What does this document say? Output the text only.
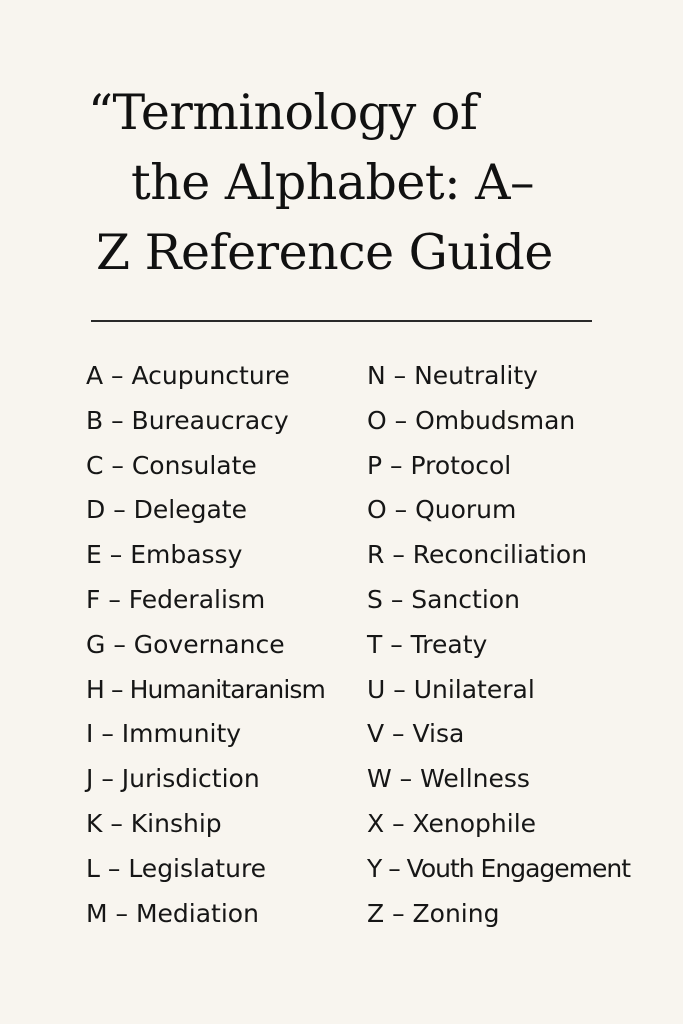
“Terminology of
the Alphabet: A–
Z Reference Guide
A – Acupuncture
B – Bureaucracy
C – Consulate
D – Delegate
E – Embassy
F – Federalism
G – Governance
H – Humanitaranism
I – Immunity
J – Jurisdiction
K – Kinship
L – Legislature
M – Mediation
N – Neutrality
O – Ombudsman
P – Protocol
O – Quorum
R – Reconciliation
S – Sanction
T – Treaty
U – Unilateral
V – Visa
W – Wellness
X – Xenophile
Y – Vouth Engagement
Z – Zoning
